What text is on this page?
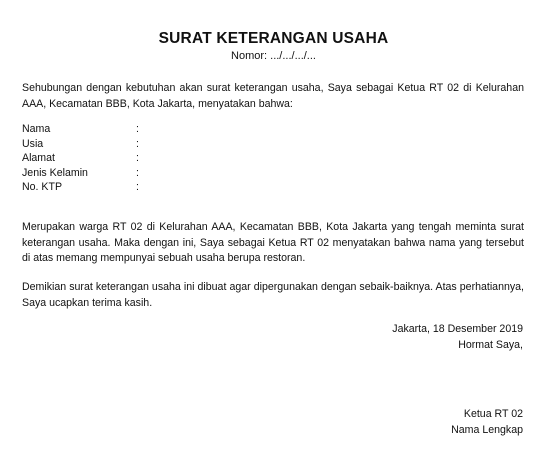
SURAT KETERANGAN USAHA

Nomor: .../.../.../...

Sehubungan dengan kebutuhan akan surat keterangan usaha, Saya sebagai Ketua RT 02 di Kelurahan AAA, Kecamatan BBB, Kota Jakarta, menyatakan bahwa:

Nama	:
Usia	:
Alamat	:
Jenis Kelamin	:
No. KTP	:

Merupakan warga RT 02 di Kelurahan AAA, Kecamatan BBB, Kota Jakarta yang tengah meminta surat keterangan usaha. Maka dengan ini, Saya sebagai Ketua RT 02 menyatakan bahwa nama yang tersebut di atas memang mempunyai sebuah usaha berupa restoran.

Demikian surat keterangan usaha ini dibuat agar dipergunakan dengan sebaik-baiknya. Atas perhatiannya, Saya ucapkan terima kasih.

Jakarta, 18 Desember 2019

Hormat Saya,

Ketua RT 02

Nama Lengkap
